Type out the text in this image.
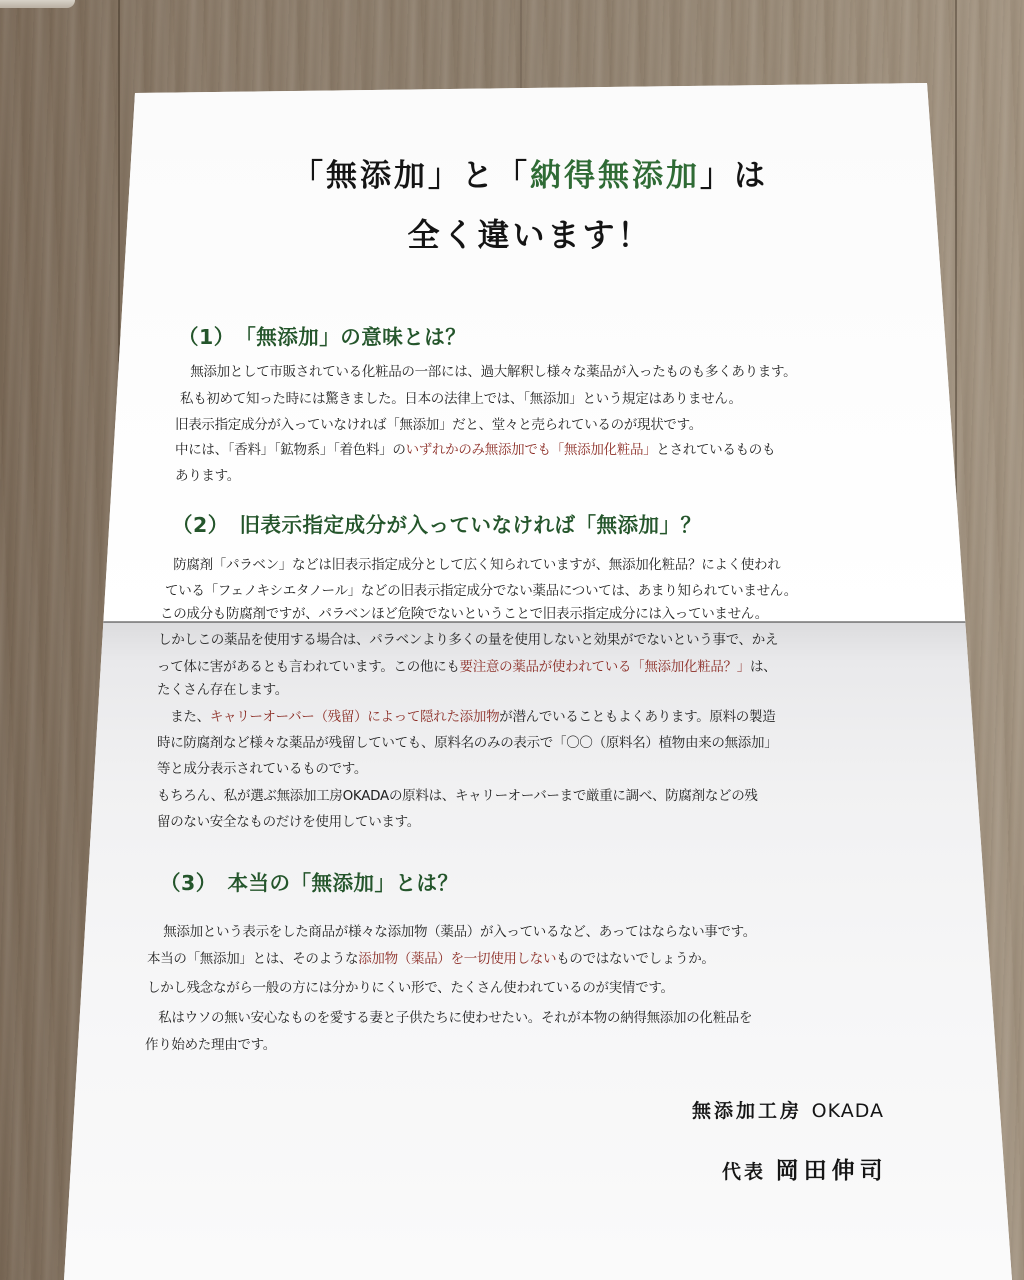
「無添加」と「納得無添加」は
全く違います！
（1）　「無添加」の意味とは？
　無添加として市販されている化粧品の一部には、過大解釈し様々な薬品が入ったものも多くあります。
私も初めて知った時には驚きました。日本の法律上では、「無添加」という規定はありません。
旧表示指定成分が入っていなければ「無添加」だと、堂々と売られているのが現状です。
中には、「香料」「鉱物系」「着色料」のいずれかのみ無添加でも「無添加化粧品」とされているものも
あります。
（2）　旧表示指定成分が入っていなければ「無添加」？
　防腐剤「パラベン」などは旧表示指定成分として広く知られていますが、無添加化粧品？によく使われ
ている「フェノキシエタノール」などの旧表示指定成分でない薬品については、あまり知られていません。
この成分も防腐剤ですが、パラベンほど危険でないということで旧表示指定成分には入っていません。
しかしこの薬品を使用する場合は、パラベンより多くの量を使用しないと効果がでないという事で、かえ
って体に害があるとも言われています。この他にも要注意の薬品が使われている「無添加化粧品？」は、
たくさん存在します。
　また、キャリーオーバー（残留）によって隠れた添加物が潜んでいることもよくあります。原料の製造
時に防腐剤など様々な薬品が残留していても、原料名のみの表示で「〇〇（原料名）植物由来の無添加」
等と成分表示されているものです。
もちろん、私が選ぶ無添加工房OKADAの原料は、キャリーオーバーまで厳重に調べ、防腐剤などの残
留のない安全なものだけを使用しています。
（3）　本当の「無添加」とは？
　無添加という表示をした商品が様々な添加物（薬品）が入っているなど、あってはならない事です。
本当の「無添加」とは、そのような添加物（薬品）を一切使用しないものではないでしょうか。
しかし残念ながら一般の方には分かりにくい形で、たくさん使われているのが実情です。
　私はウソの無い安心なものを愛する妻と子供たちに使わせたい。それが本物の納得無添加の化粧品を
作り始めた理由です。
無添加工房 OKADA
代表 岡田伸司
